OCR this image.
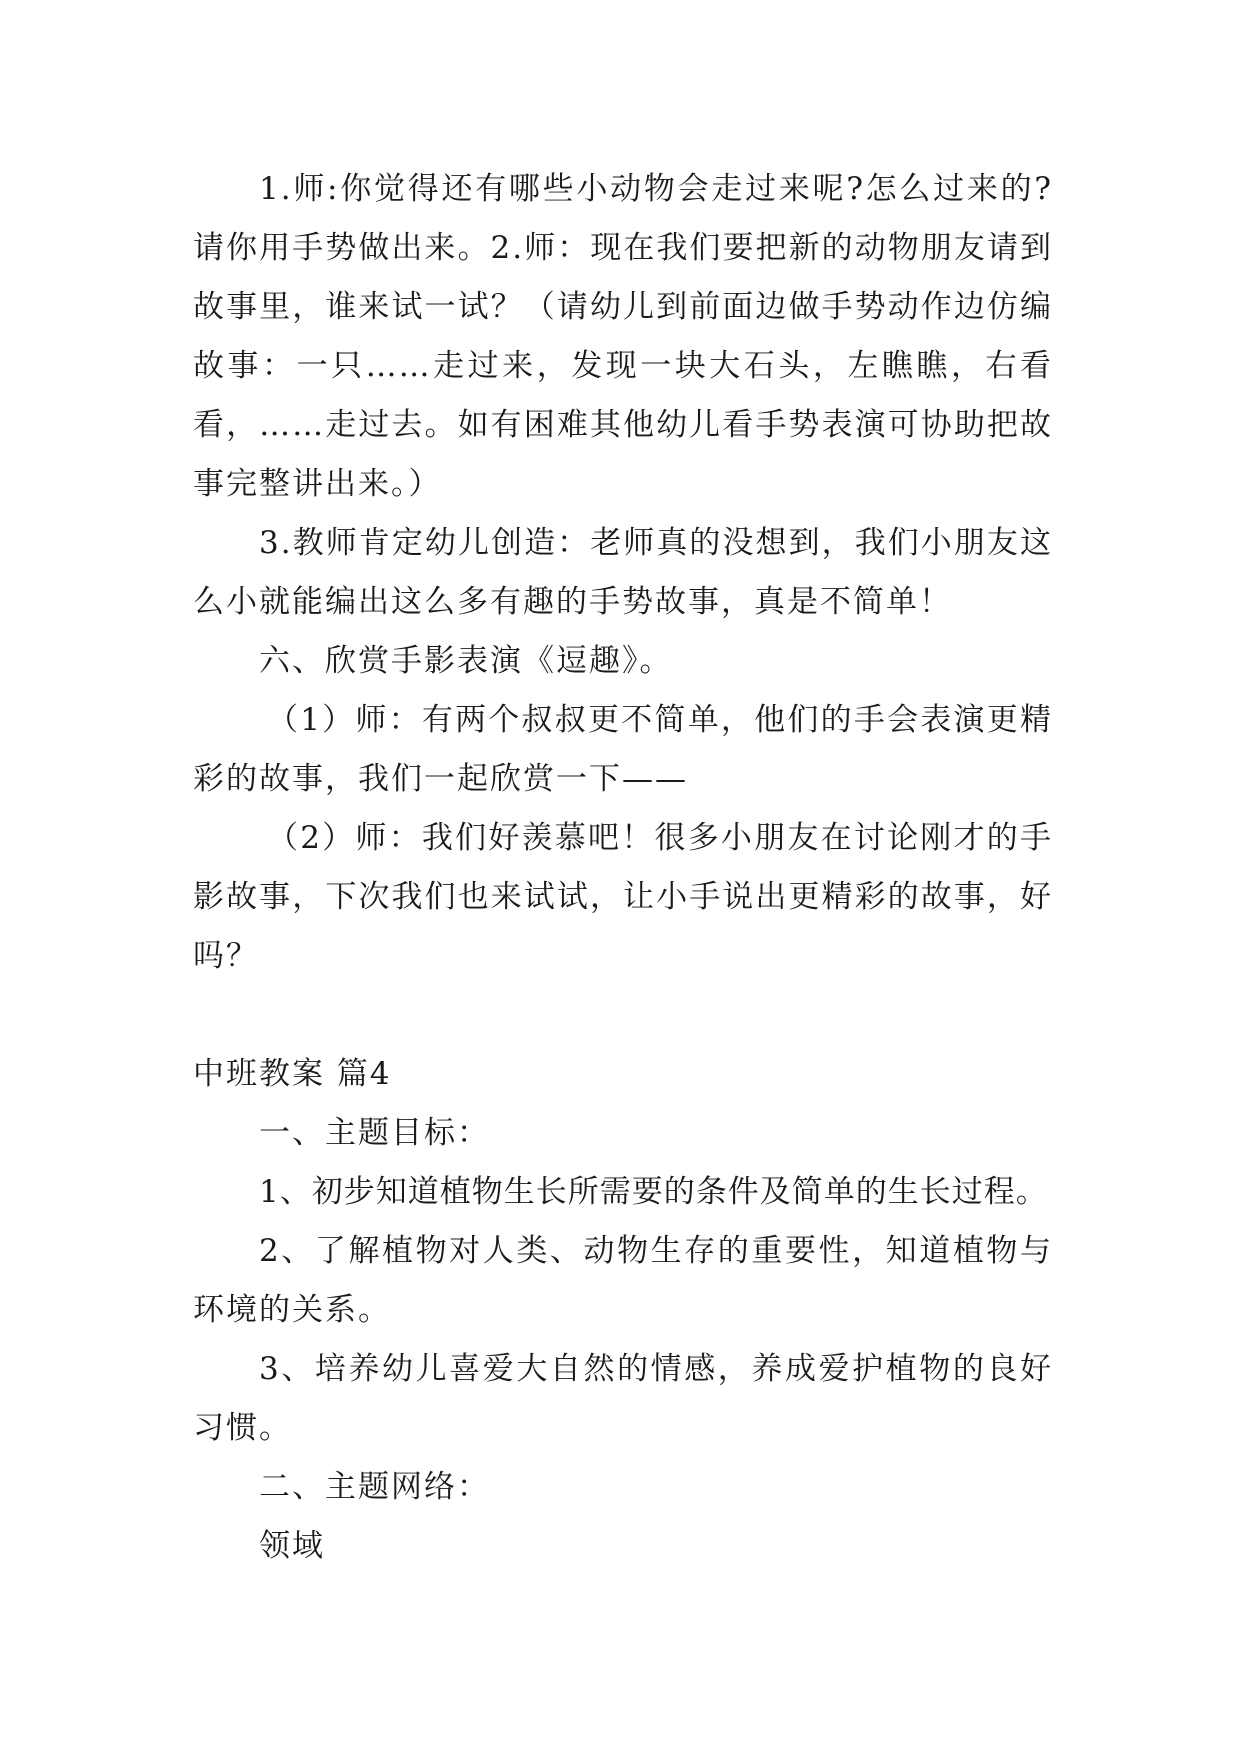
1.师:你觉得还有哪些小动物会走过来呢?怎么过来的?请你用手势做出来。2.师：现在我们要把新的动物朋友请到故事里，谁来试一试？（请幼儿到前面边做手势动作边仿编故事：一只……走过来，发现一块大石头，左瞧瞧，右看看，……走过去。如有困难其他幼儿看手势表演可协助把故事完整讲出来。）

3.教师肯定幼儿创造：老师真的没想到，我们小朋友这么小就能编出这么多有趣的手势故事，真是不简单！

六、欣赏手影表演《逗趣》。

（1）师：有两个叔叔更不简单，他们的手会表演更精彩的故事，我们一起欣赏一下——

（2）师：我们好羡慕吧！很多小朋友在讨论刚才的手影故事，下次我们也来试试，让小手说出更精彩的故事，好吗？

中班教案 篇4

一、主题目标：

1、初步知道植物生长所需要的条件及简单的生长过程。

2、了解植物对人类、动物生存的重要性，知道植物与环境的关系。

3、培养幼儿喜爱大自然的情感，养成爱护植物的良好习惯。

二、主题网络：

领域
